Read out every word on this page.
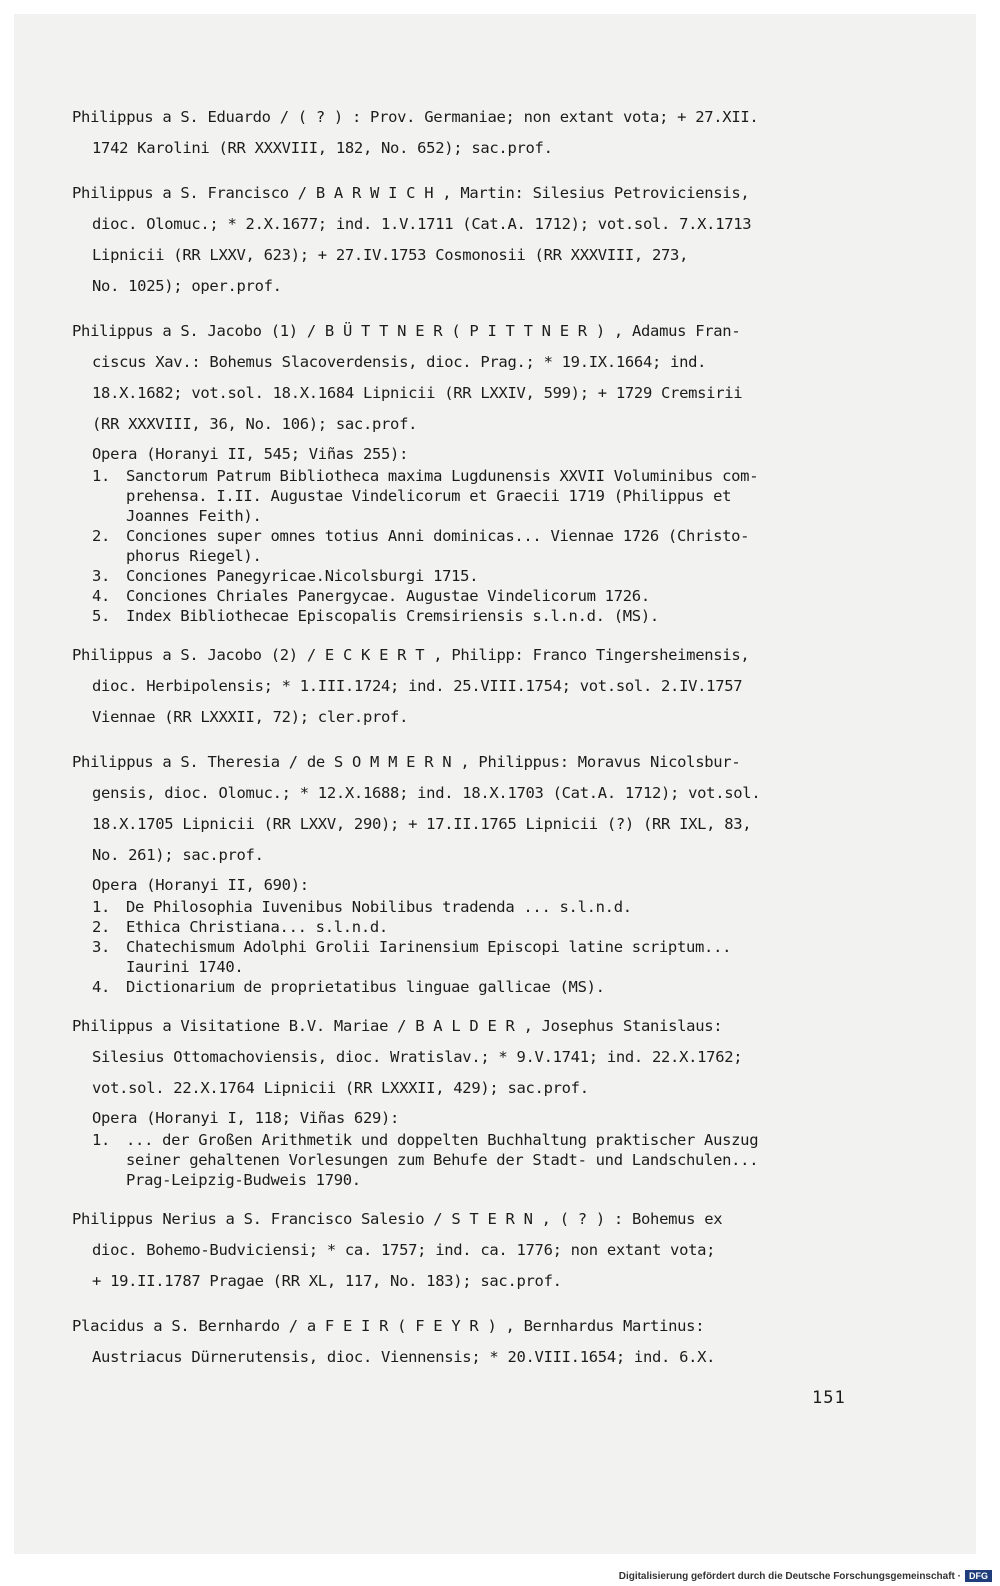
Philippus a S. Eduardo / ( ? ) : Prov. Germaniae; non extant vota; + 27.XII.
1742 Karolini (RR XXXVIII, 182, No. 652); sac.prof.
Philippus a S. Francisco / B A R W I C H , Martin: Silesius Petroviciensis,
dioc. Olomuc.; * 2.X.1677; ind. 1.V.1711 (Cat.A. 1712); vot.sol. 7.X.1713
Lipnicii (RR LXXV, 623); + 27.IV.1753 Cosmonosii (RR XXXVIII, 273,
No. 1025); oper.prof.
Philippus a S. Jacobo (1) / B Ü T T N E R ( P I T T N E R ) , Adamus Fran-
ciscus Xav.: Bohemus Slacoverdensis, dioc. Prag.; * 19.IX.1664; ind.
18.X.1682; vot.sol. 18.X.1684 Lipnicii (RR LXXIV, 599); + 1729 Cremsirii
(RR XXXVIII, 36, No. 106); sac.prof.
Opera (Horanyi II, 545; Viñas 255):
1.	Sanctorum Patrum Bibliotheca maxima Lugdunensis XXVII Voluminibus com-
prehensa. I.II. Augustae Vindelicorum et Graecii 1719 (Philippus et
Joannes Feith).
2.	Conciones super omnes totius Anni dominicas... Viennae 1726 (Christo-
phorus Riegel).
3.	Conciones Panegyricae.Nicolsburgi 1715.
4.	Conciones Chriales Panergycae. Augustae Vindelicorum 1726.
5.	Index Bibliothecae Episcopalis Cremsiriensis s.l.n.d. (MS).
Philippus a S. Jacobo (2) / E C K E R T , Philipp: Franco Tingersheimensis,
dioc. Herbipolensis; * 1.III.1724; ind. 25.VIII.1754; vot.sol. 2.IV.1757
Viennae (RR LXXXII, 72); cler.prof.
Philippus a S. Theresia / de S O M M E R N , Philippus: Moravus Nicolsbur-
gensis, dioc. Olomuc.; * 12.X.1688; ind. 18.X.1703 (Cat.A. 1712); vot.sol.
18.X.1705 Lipnicii (RR LXXV, 290); + 17.II.1765 Lipnicii (?) (RR IXL, 83,
No. 261); sac.prof.
Opera (Horanyi II, 690):
1.	De Philosophia Iuvenibus Nobilibus tradenda ... s.l.n.d.
2.	Ethica Christiana... s.l.n.d.
3.	Chatechismum Adolphi Grolii Iarinensium Episcopi latine scriptum...
Iaurini 1740.
4.	Dictionarium de proprietatibus linguae gallicae (MS).
Philippus a Visitatione B.V. Mariae / B A L D E R , Josephus Stanislaus:
Silesius Ottomachoviensis, dioc. Wratislav.; * 9.V.1741; ind. 22.X.1762;
vot.sol. 22.X.1764 Lipnicii (RR LXXXII, 429); sac.prof.
Opera (Horanyi I, 118; Viñas 629):
1.	... der Großen Arithmetik und doppelten Buchhaltung praktischer Auszug
seiner gehaltenen Vorlesungen zum Behufe der Stadt- und Landschulen...
Prag-Leipzig-Budweis 1790.
Philippus Nerius a S. Francisco Salesio / S T E R N , ( ? ) : Bohemus ex
dioc. Bohemo-Budviciensi; * ca. 1757; ind. ca. 1776; non extant vota;
+ 19.II.1787 Pragae (RR XL, 117, No. 183); sac.prof.
Placidus a S. Bernhardo / a F E I R ( F E Y R ) , Bernhardus Martinus:
Austriacus Dürnerutensis, dioc. Viennensis; * 20.VIII.1654; ind. 6.X.
151
Digitalisierung gefördert durch die Deutsche Forschungsgemeinschaft · DFG
